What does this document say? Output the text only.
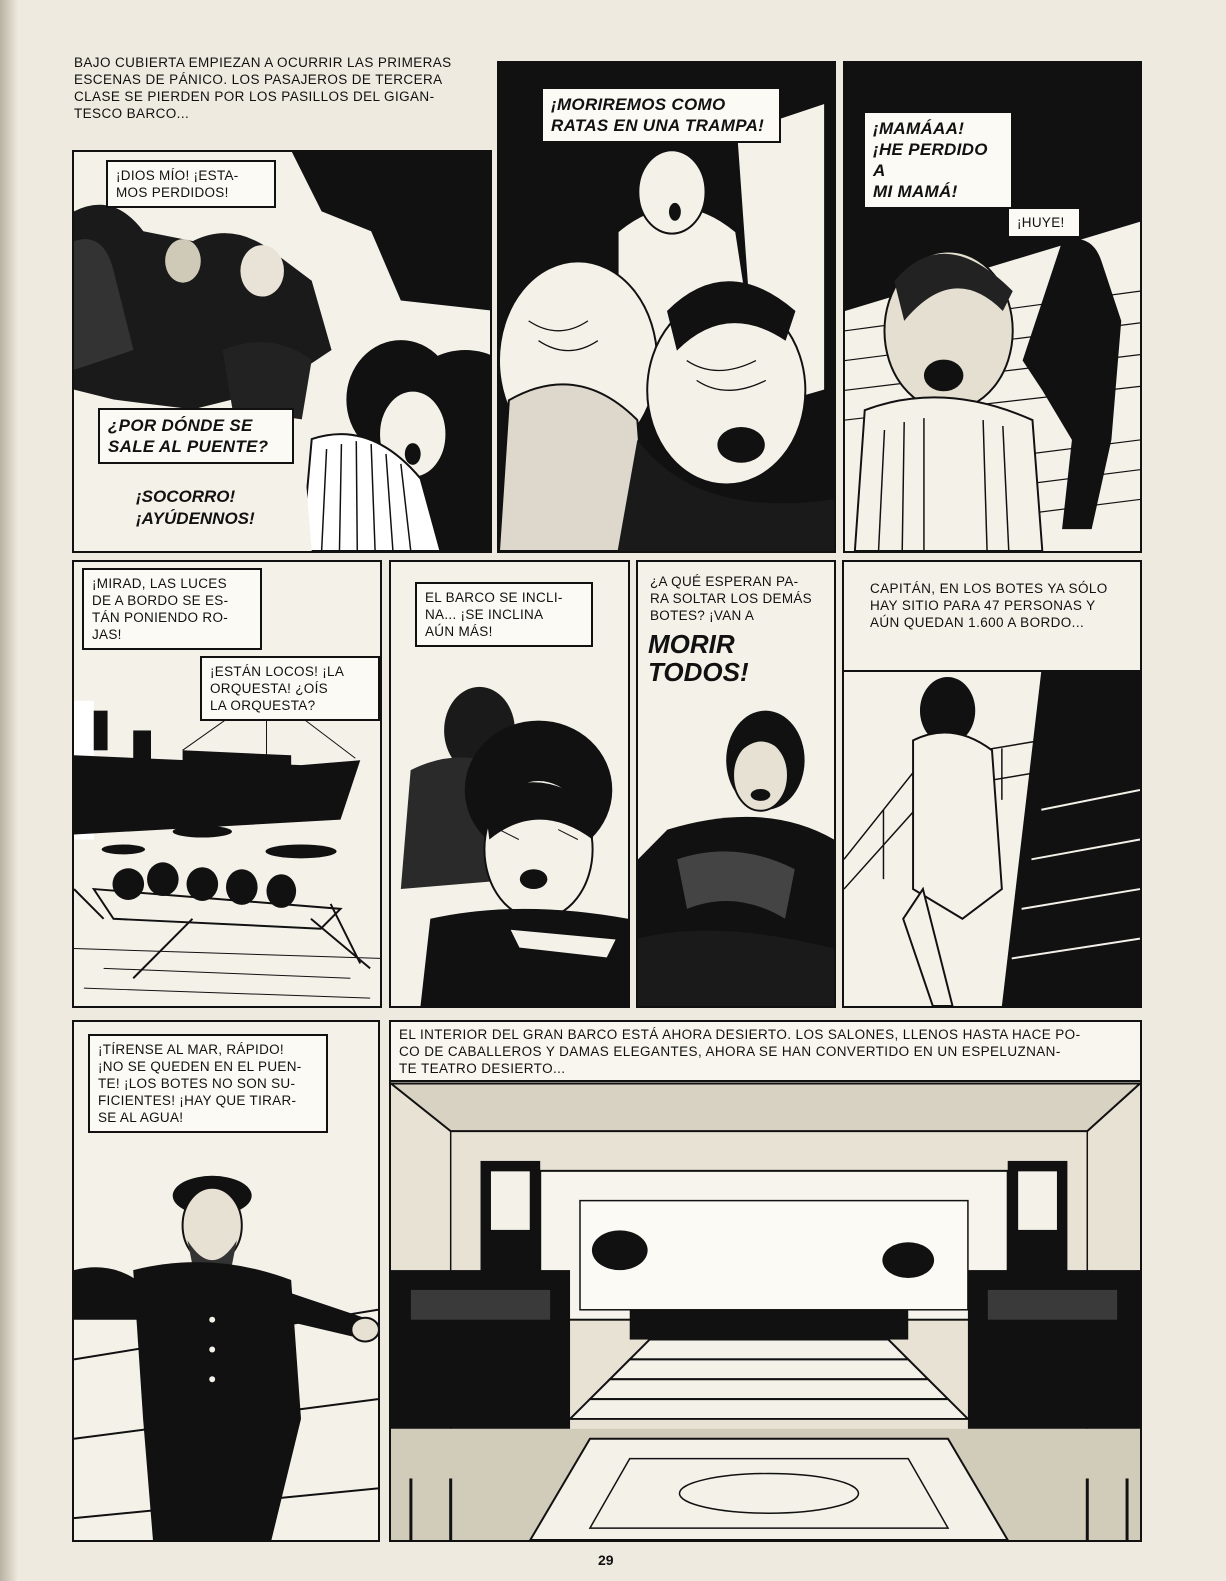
BAJO CUBIERTA EMPIEZAN A OCURRIR LAS PRIMERAS
ESCENAS DE PÁNICO. LOS PASAJEROS DE TERCERA
CLASE SE PIERDEN POR LOS PASILLOS DEL GIGAN-
TESCO BARCO...
¡DIOS MÍO! ¡ESTA-
MOS PERDIDOS!
¿POR DÓNDE SE
SALE AL PUENTE?
¡SOCORRO!
¡AYÚDENNOS!
¡MORIREMOS COMO
RATAS EN UNA TRAMPA!	¡MAMÁAA!
¡HE PERDIDO A
MI MAMÁ!
¡HUYE!
¡MIRAD, LAS LUCES
DE A BORDO SE ES-
TÁN PONIENDO RO-
JAS!
¡ESTÁN LOCOS! ¡LA
ORQUESTA! ¿OÍS
LA ORQUESTA?
EL BARCO SE INCLI-
NA... ¡SE INCLINA
AÚN MÁS!
¿A QUÉ ESPERAN PA-
RA SOLTAR LOS DEMÁS
BOTES? ¡VAN A
MORIR
TODOS!
CAPITÁN, EN LOS BOTES YA SÓLO
HAY SITIO PARA 47 PERSONAS Y
AÚN QUEDAN 1.600 A BORDO...
¡TÍRENSE AL MAR, RÁPIDO!
¡NO SE QUEDEN EN EL PUEN-
TE! ¡LOS BOTES NO SON SU-
FICIENTES! ¡HAY QUE TIRAR-
SE AL AGUA!
EL INTERIOR DEL GRAN BARCO ESTÁ AHORA DESIERTO. LOS SALONES, LLENOS HASTA HACE PO-
CO DE CABALLEROS Y DAMAS ELEGANTES, AHORA SE HAN CONVERTIDO EN UN ESPELUZNAN-
TE TEATRO DESIERTO...
29
